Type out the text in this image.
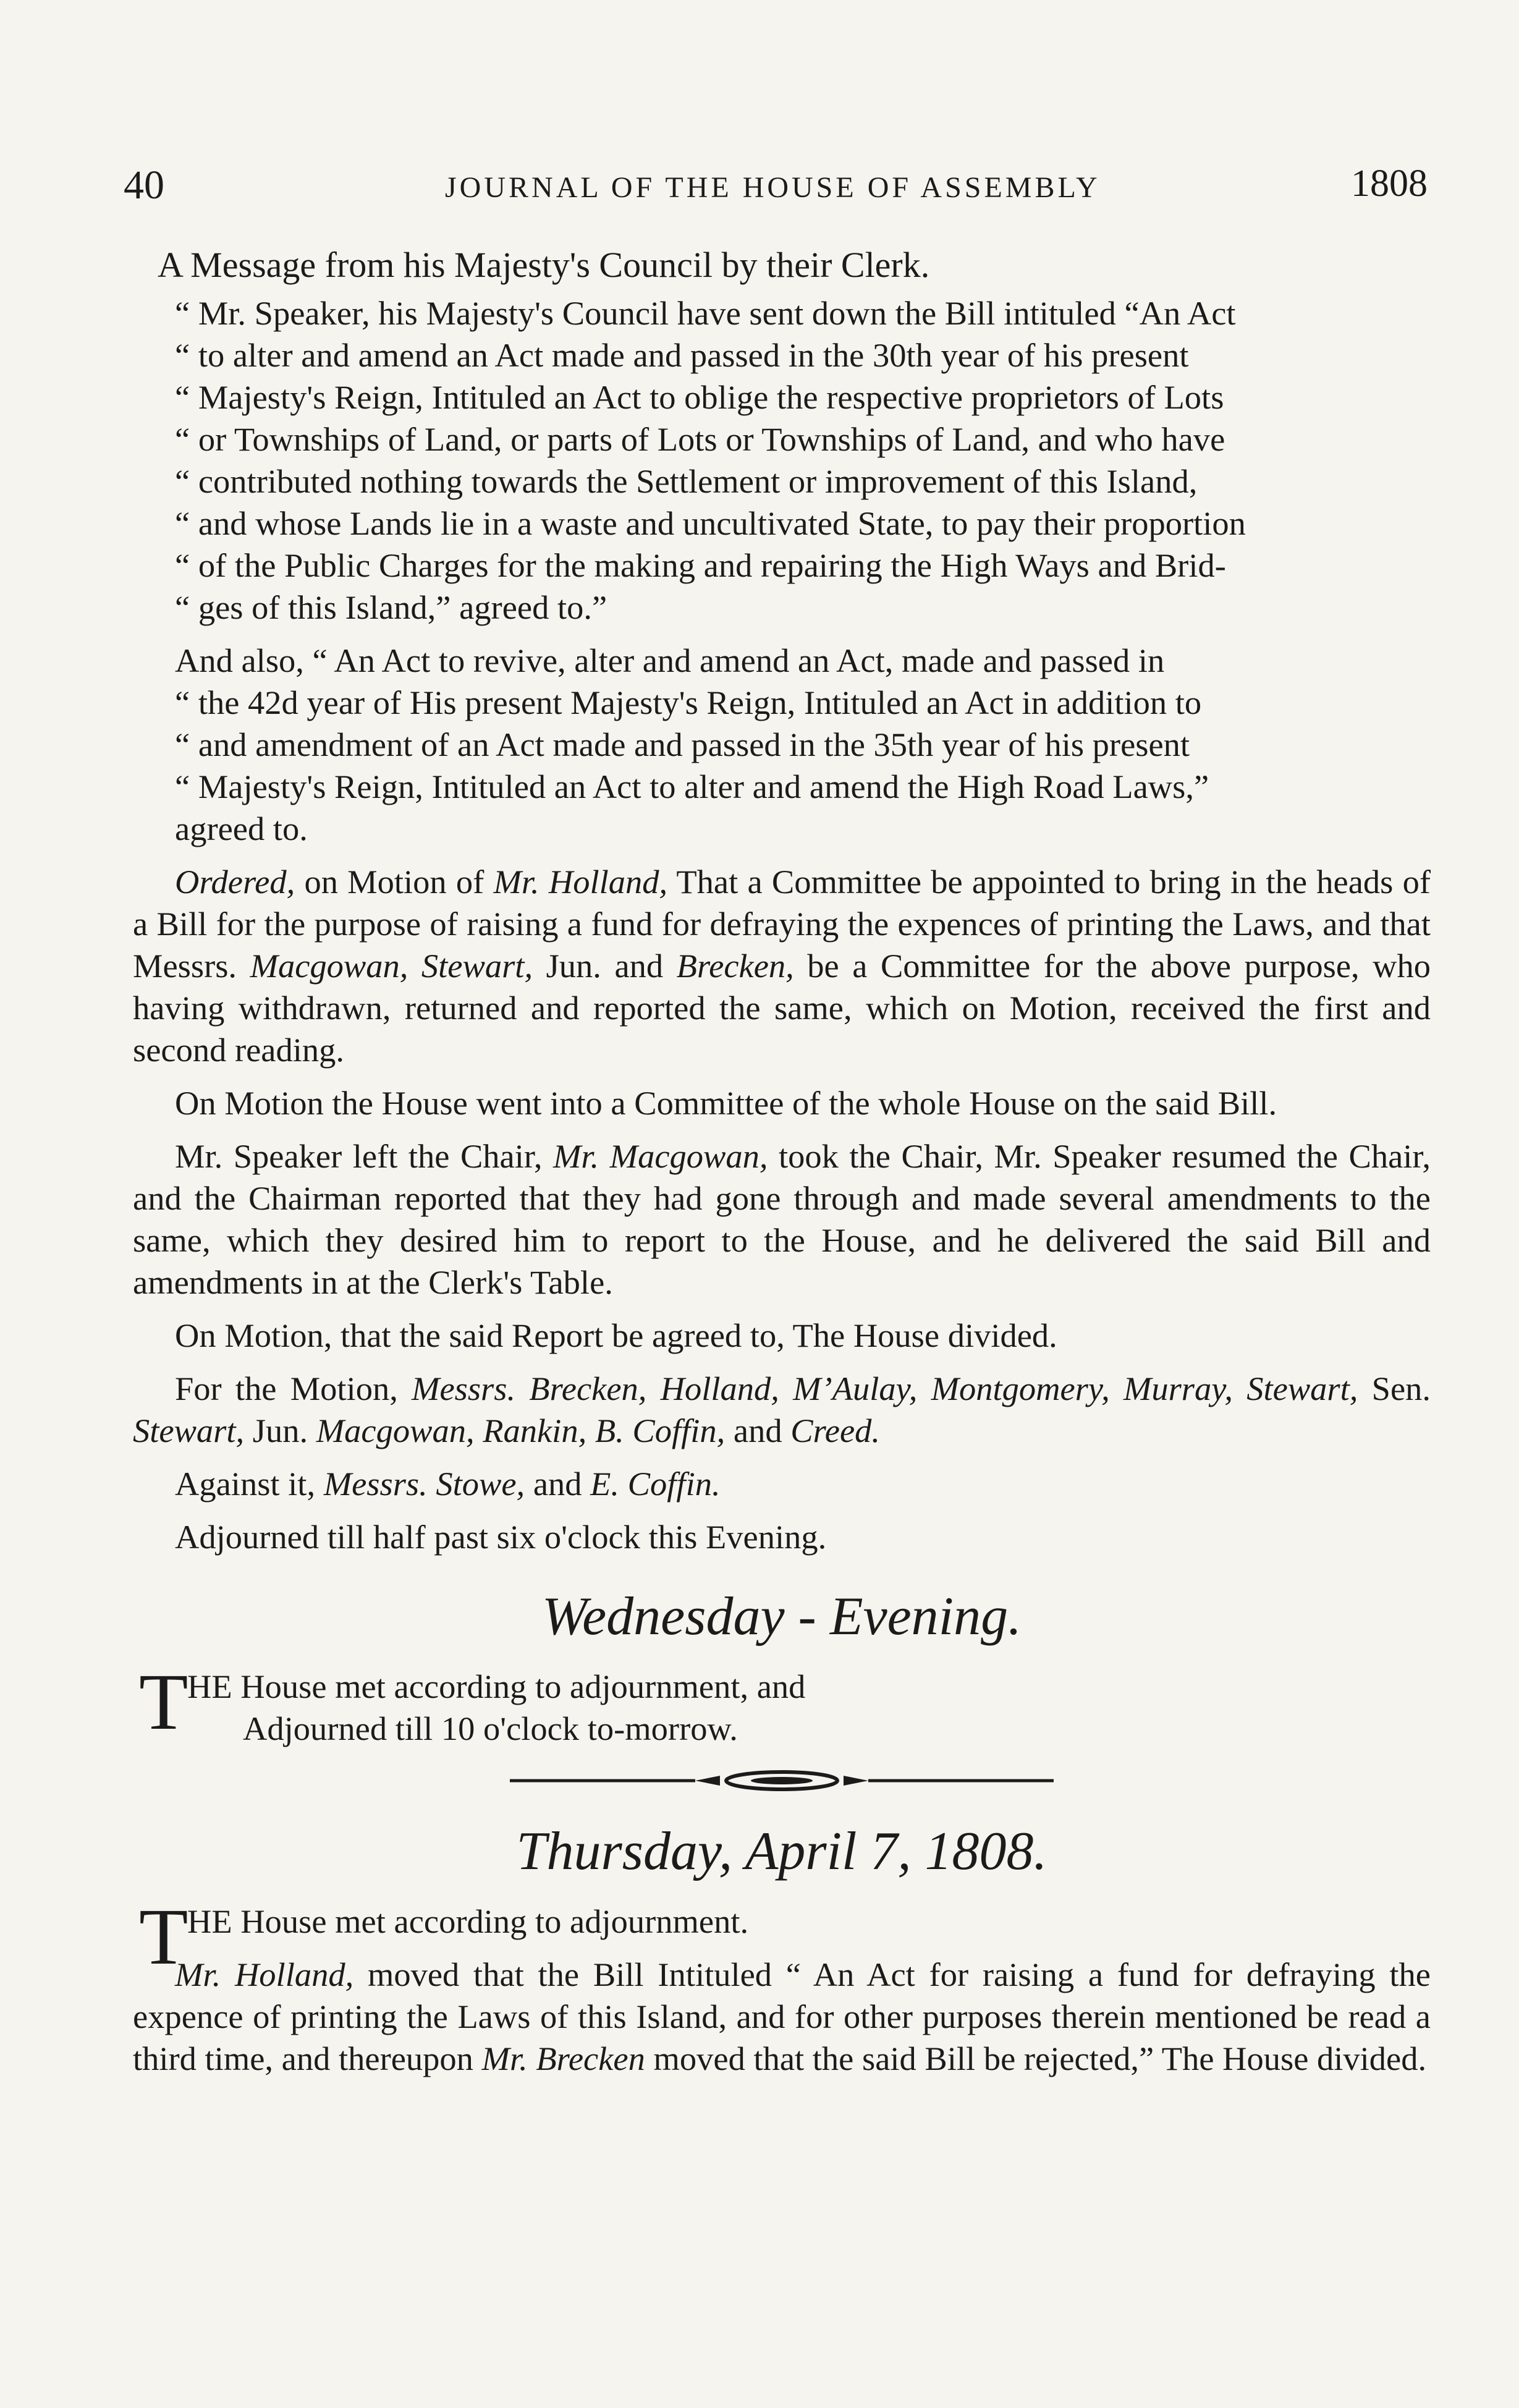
40	JOURNAL OF THE HOUSE OF ASSEMBLY	1808

A Message from his Majesty's Council by their Clerk.

“ Mr. Speaker, his Majesty's Council have sent down the Bill intituled “An Act
“ to alter and amend an Act made and passed in the 30th year of his present
“ Majesty's Reign, Intituled an Act to oblige the respective proprietors of Lots
“ or Townships of Land, or parts of Lots or Townships of Land, and who have
“ contributed nothing towards the Settlement or improvement of this Island,
“ and whose Lands lie in a waste and uncultivated State, to pay their proportion
“ of the Public Charges for the making and repairing the High Ways and Brid-
“ ges of this Island,” agreed to.”

And also, “ An Act to revive, alter and amend an Act, made and passed in
“ the 42d year of His present Majesty's Reign, Intituled an Act in addition to
“ and amendment of an Act made and passed in the 35th year of his present
“ Majesty's Reign, Intituled an Act to alter and amend the High Road Laws,”
agreed to.

Ordered, on Motion of Mr. Holland, That a Committee be appointed to bring in the heads of a Bill for the purpose of raising a fund for defraying the expences of printing the Laws, and that Messrs. Macgowan, Stewart, Jun. and Brecken, be a Committee for the above purpose, who having withdrawn, returned and reported the same, which on Motion, received the first and second reading.

On Motion the House went into a Committee of the whole House on the said Bill.

Mr. Speaker left the Chair, Mr. Macgowan, took the Chair, Mr. Speaker resumed the Chair, and the Chairman reported that they had gone through and made several amendments to the same, which they desired him to report to the House, and he delivered the said Bill and amendments in at the Clerk's Table.

On Motion, that the said Report be agreed to, The House divided.

For the Motion, Messrs. Brecken, Holland, M’Aulay, Montgomery, Murray, Stewart, Sen. Stewart, Jun. Macgowan, Rankin, B. Coffin, and Creed.

Against it, Messrs. Stowe, and E. Coffin.

Adjourned till half past six o'clock this Evening.

Wednesday - Evening.
T
HE House met according to adjournment, and
Adjourned till 10 o'clock to-morrow.
Thursday, April 7, 1808.
T
HE House met according to adjournment.

Mr. Holland, moved that the Bill Intituled “ An Act for raising a fund for defraying the expence of printing the Laws of this Island, and for other purposes therein mentioned be read a third time, and thereupon Mr. Brecken moved that the said Bill be rejected,” The House divided.
